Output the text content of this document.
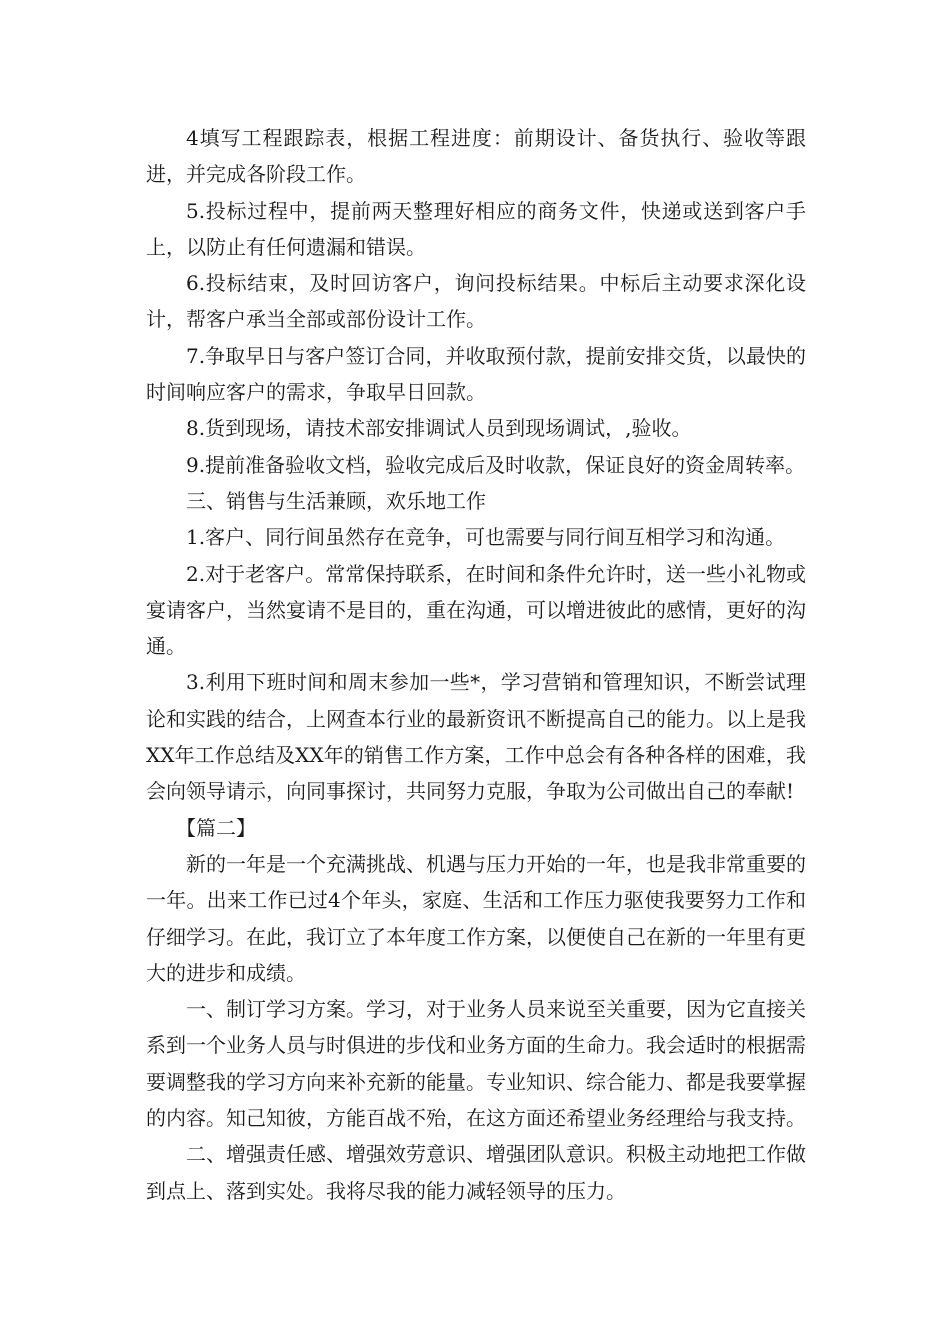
4填写工程跟踪表，根据工程进度：前期设计、备货执行、验收等跟进，并完成各阶段工作。

5.投标过程中，提前两天整理好相应的商务文件，快递或送到客户手上，以防止有任何遗漏和错误。

6.投标结束，及时回访客户，询问投标结果。中标后主动要求深化设计，帮客户承当全部或部份设计工作。

7.争取早日与客户签订合同，并收取预付款，提前安排交货，以最快的时间响应客户的需求，争取早日回款。

8.货到现场，请技术部安排调试人员到现场调试，,验收。

9.提前准备验收文档，验收完成后及时收款，保证良好的资金周转率。

三、销售与生活兼顾，欢乐地工作

1.客户、同行间虽然存在竞争，可也需要与同行间互相学习和沟通。

2.对于老客户。常常保持联系，在时间和条件允许时，送一些小礼物或宴请客户，当然宴请不是目的，重在沟通，可以增进彼此的感情，更好的沟通。

3.利用下班时间和周末参加一些*，学习营销和管理知识，不断尝试理论和实践的结合，上网查本行业的最新资讯不断提高自己的能力。以上是我XX年工作总结及XX年的销售工作方案，工作中总会有各种各样的困难，我会向领导请示，向同事探讨，共同努力克服，争取为公司做出自己的奉献!

【篇二】

新的一年是一个充满挑战、机遇与压力开始的一年，也是我非常重要的一年。出来工作已过4个年头，家庭、生活和工作压力驱使我要努力工作和仔细学习。在此，我订立了本年度工作方案，以便使自己在新的一年里有更大的进步和成绩。

一、制订学习方案。学习，对于业务人员来说至关重要，因为它直接关系到一个业务人员与时俱进的步伐和业务方面的生命力。我会适时的根据需要调整我的学习方向来补充新的能量。专业知识、综合能力、都是我要掌握的内容。知己知彼，方能百战不殆，在这方面还希望业务经理给与我支持。

二、增强责任感、增强效劳意识、增强团队意识。积极主动地把工作做到点上、落到实处。我将尽我的能力减轻领导的压力。
